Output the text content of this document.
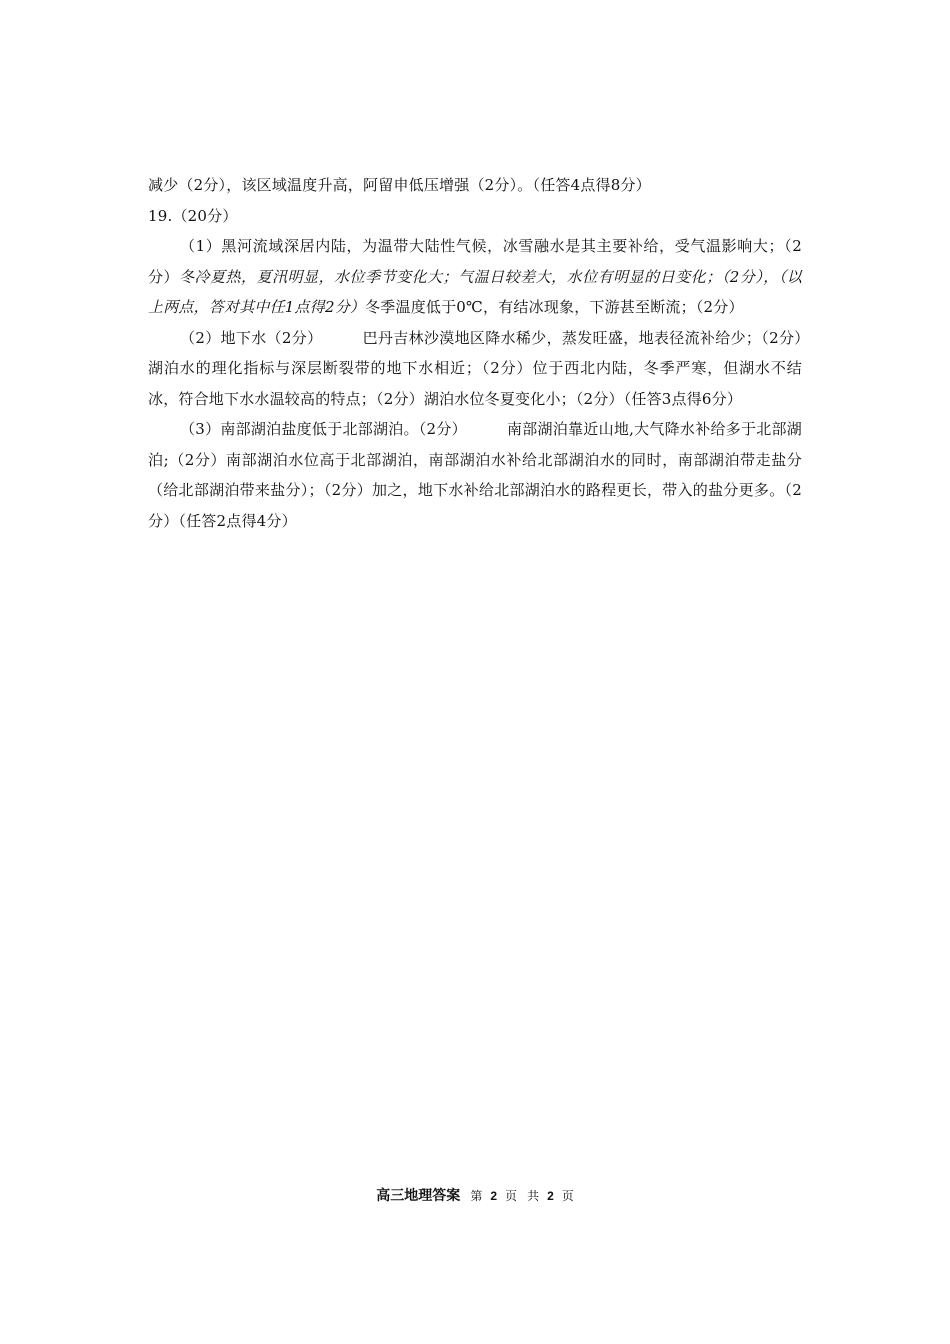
减少（2分），该区域温度升高，阿留申低压增强（2分）。（任答4点得8分）

19.（20分）

（1）黑河流域深居内陆，为温带大陆性气候，冰雪融水是其主要补给，受气温影响大；（2分）冬冷夏热，夏汛明显，水位季节变化大；气温日较差大，水位有明显的日变化；（2分），（以上两点，答对其中任1点得2分）冬季温度低于0℃，有结冰现象，下游甚至断流；（2分）

（2）地下水（2分）	巴丹吉林沙漠地区降水稀少，蒸发旺盛，地表径流补给少；（2分）湖泊水的理化指标与深层断裂带的地下水相近；（2分）位于西北内陆，冬季严寒，但湖水不结冰，符合地下水水温较高的特点；（2分）湖泊水位冬夏变化小；（2分）（任答3点得6分）

（3）南部湖泊盐度低于北部湖泊。（2分）	南部湖泊靠近山地,大气降水补给多于北部湖泊;（2分）南部湖泊水位高于北部湖泊，南部湖泊水补给北部湖泊水的同时，南部湖泊带走盐分（给北部湖泊带来盐分）；（2分）加之，地下水补给北部湖泊水的路程更长，带入的盐分更多。（2分）（任答2点得4分）

高三地理答案 第 2 页 共 2 页
